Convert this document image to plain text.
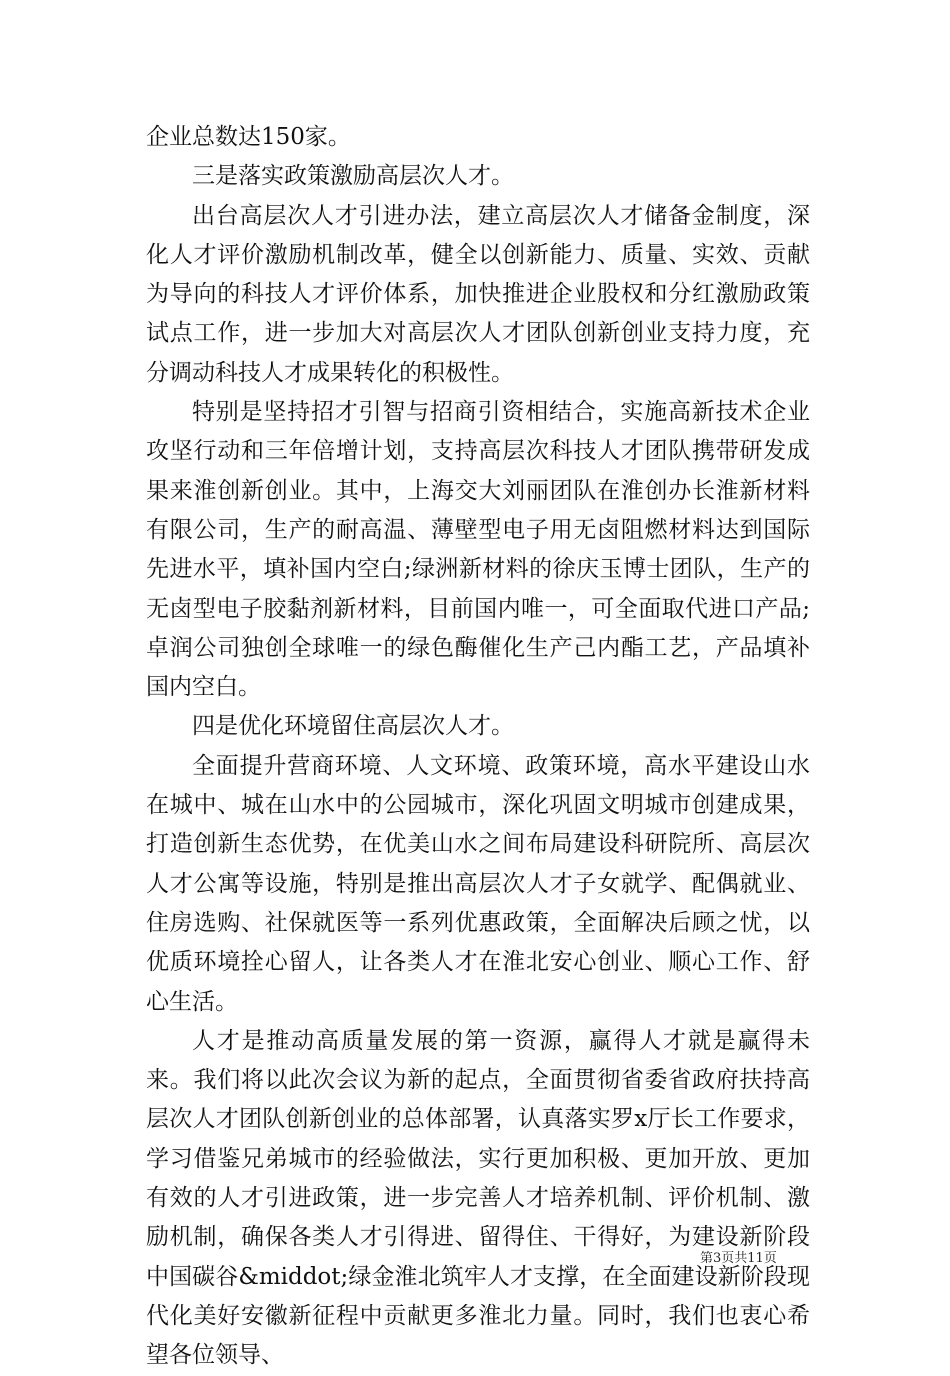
企业总数达150家。

三是落实政策激励高层次人才。

出台高层次人才引进办法，建立高层次人才储备金制度，深化人才评价激励机制改革，健全以创新能力、质量、实效、贡献为导向的科技人才评价体系，加快推进企业股权和分红激励政策试点工作，进一步加大对高层次人才团队创新创业支持力度，充分调动科技人才成果转化的积极性。

特别是坚持招才引智与招商引资相结合，实施高新技术企业攻坚行动和三年倍增计划，支持高层次科技人才团队携带研发成果来淮创新创业。其中，上海交大刘丽团队在淮创办长淮新材料有限公司，生产的耐高温、薄壁型电子用无卤阻燃材料达到国际先进水平，填补国内空白;绿洲新材料的徐庆玉博士团队，生产的无卤型电子胶黏剂新材料，目前国内唯一，可全面取代进口产品;卓润公司独创全球唯一的绿色酶催化生产己内酯工艺，产品填补国内空白。

四是优化环境留住高层次人才。

全面提升营商环境、人文环境、政策环境，高水平建设山水在城中、城在山水中的公园城市，深化巩固文明城市创建成果，打造创新生态优势，在优美山水之间布局建设科研院所、高层次人才公寓等设施，特别是推出高层次人才子女就学、配偶就业、住房选购、社保就医等一系列优惠政策，全面解决后顾之忧，以优质环境拴心留人，让各类人才在淮北安心创业、顺心工作、舒心生活。

人才是推动高质量发展的第一资源，赢得人才就是赢得未来。我们将以此次会议为新的起点，全面贯彻省委省政府扶持高层次人才团队创新创业的总体部署，认真落实罗x厅长工作要求，学习借鉴兄弟城市的经验做法，实行更加积极、更加开放、更加有效的人才引进政策，进一步完善人才培养机制、评价机制、激励机制，确保各类人才引得进、留得住、干得好，为建设新阶段中国碳谷&middot;绿金淮北筑牢人才支撑，在全面建设新阶段现代化美好安徽新征程中贡献更多淮北力量。同时，我们也衷心希望各位领导、

第3页共11页
